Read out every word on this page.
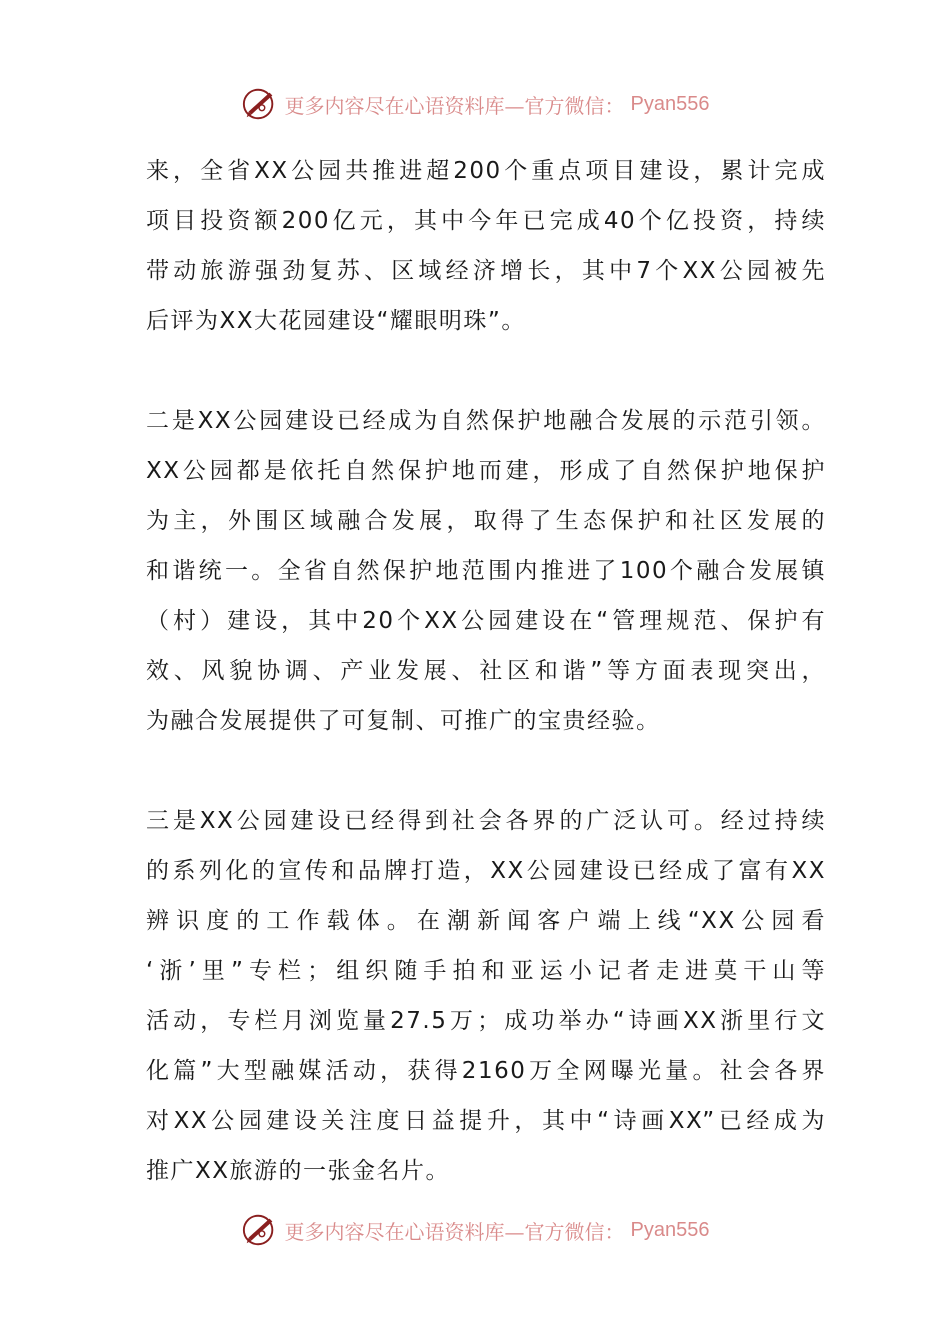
更多内容尽在心语资料库—官方微信： Pyan556
来，全省XX公园共推进超200个重点项目建设，累计完成
项目投资额200亿元，其中今年已完成40个亿投资，持续
带动旅游强劲复苏、区域经济增长，其中7个XX公园被先
后评为XX大花园建设“耀眼明珠”。
二是XX公园建设已经成为自然保护地融合发展的示范引领。
XX公园都是依托自然保护地而建，形成了自然保护地保护
为主，外围区域融合发展，取得了生态保护和社区发展的
和谐统一。全省自然保护地范围内推进了100个融合发展镇
（村）建设，其中20个XX公园建设在“管理规范、保护有
效、风貌协调、产业发展、社区和谐”等方面表现突出，
为融合发展提供了可复制、可推广的宝贵经验。
三是XX公园建设已经得到社会各界的广泛认可。经过持续
的系列化的宣传和品牌打造，XX公园建设已经成了富有XX
辨识度的工作载体。在潮新闻客户端上线“XX公园看
‘浙’里”专栏；组织随手拍和亚运小记者走进莫干山等
活动，专栏月浏览量27.5万；成功举办“诗画XX浙里行文
化篇”大型融媒活动，获得2160万全网曝光量。社会各界
对XX公园建设关注度日益提升，其中“诗画XX”已经成为
推广XX旅游的一张金名片。
更多内容尽在心语资料库—官方微信： Pyan556
